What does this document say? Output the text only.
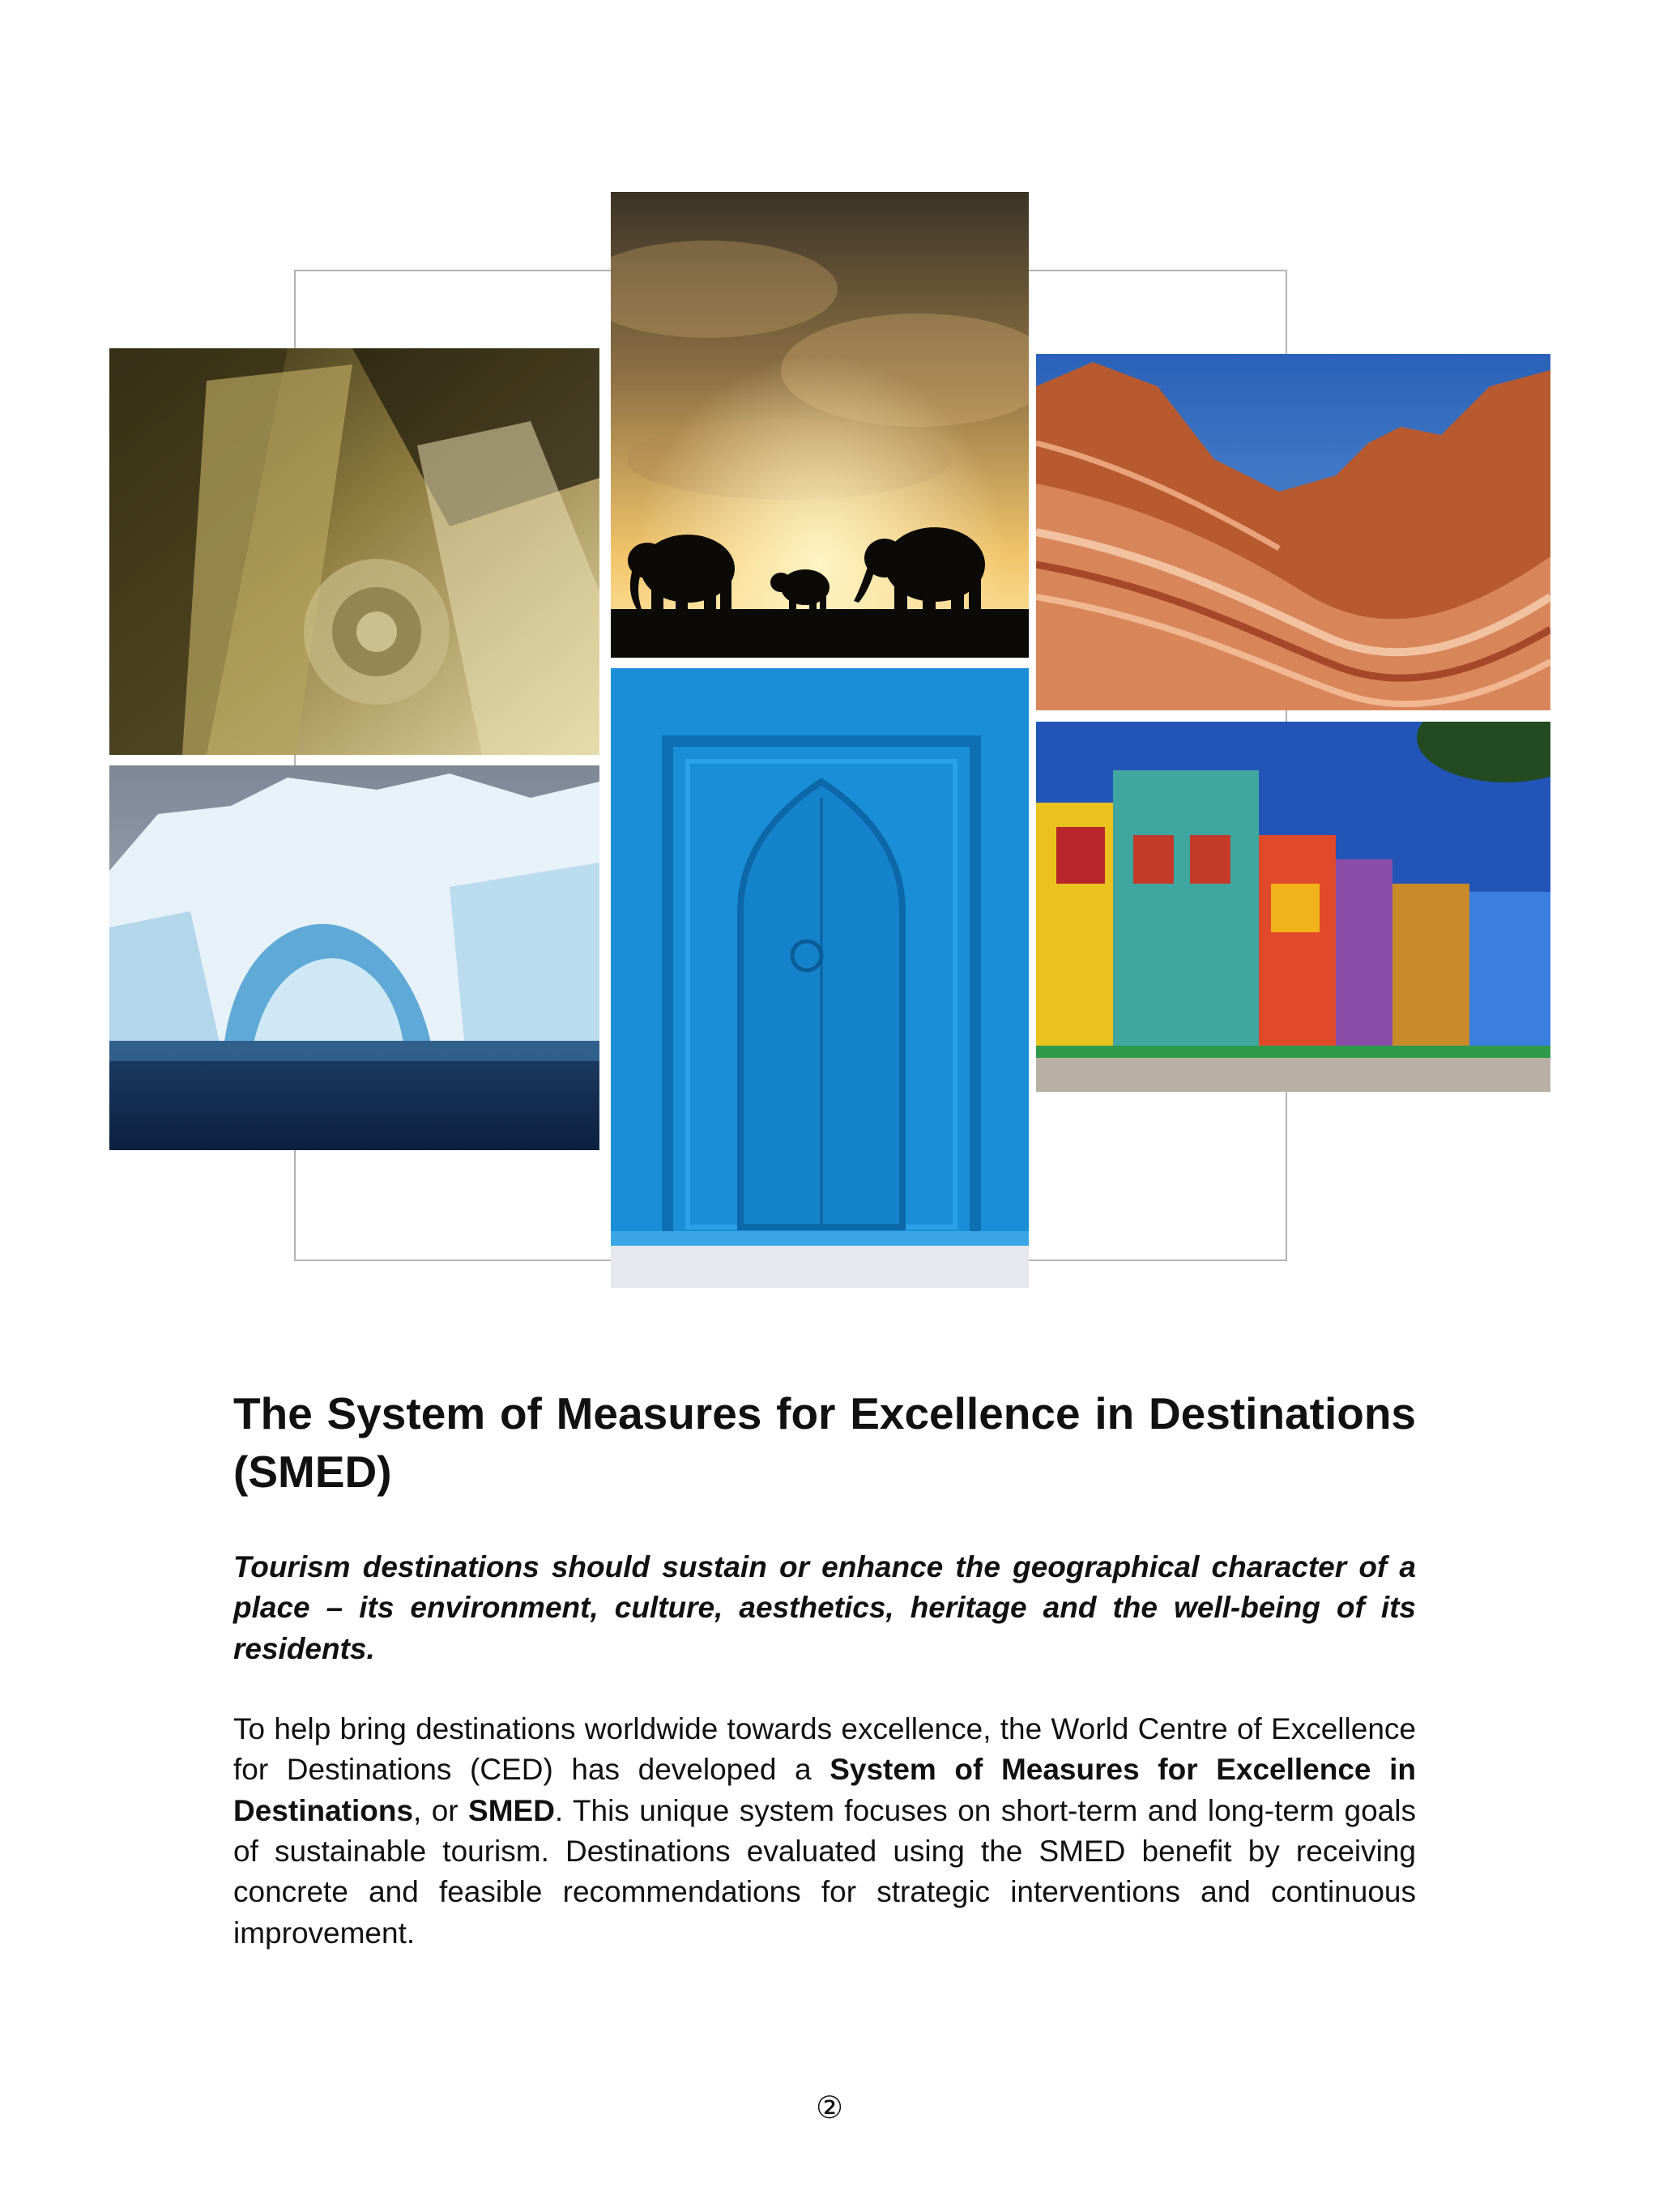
The System of Measures for Excellence in Destinations (SMED)

Tourism destinations should sustain or enhance the geographical character of a place – its environment, culture, aesthetics, heritage and the well-being of its residents.

To help bring destinations worldwide towards excellence, the World Centre of Excellence for Destinations (CED) has developed a System of Measures for Excellence in Destinations, or SMED. This unique system focuses on short-term and long-term goals of sustainable tourism. Destinations evaluated using the SMED benefit by receiving concrete and feasible recommendations for strategic interventions and continuous improvement.

②
